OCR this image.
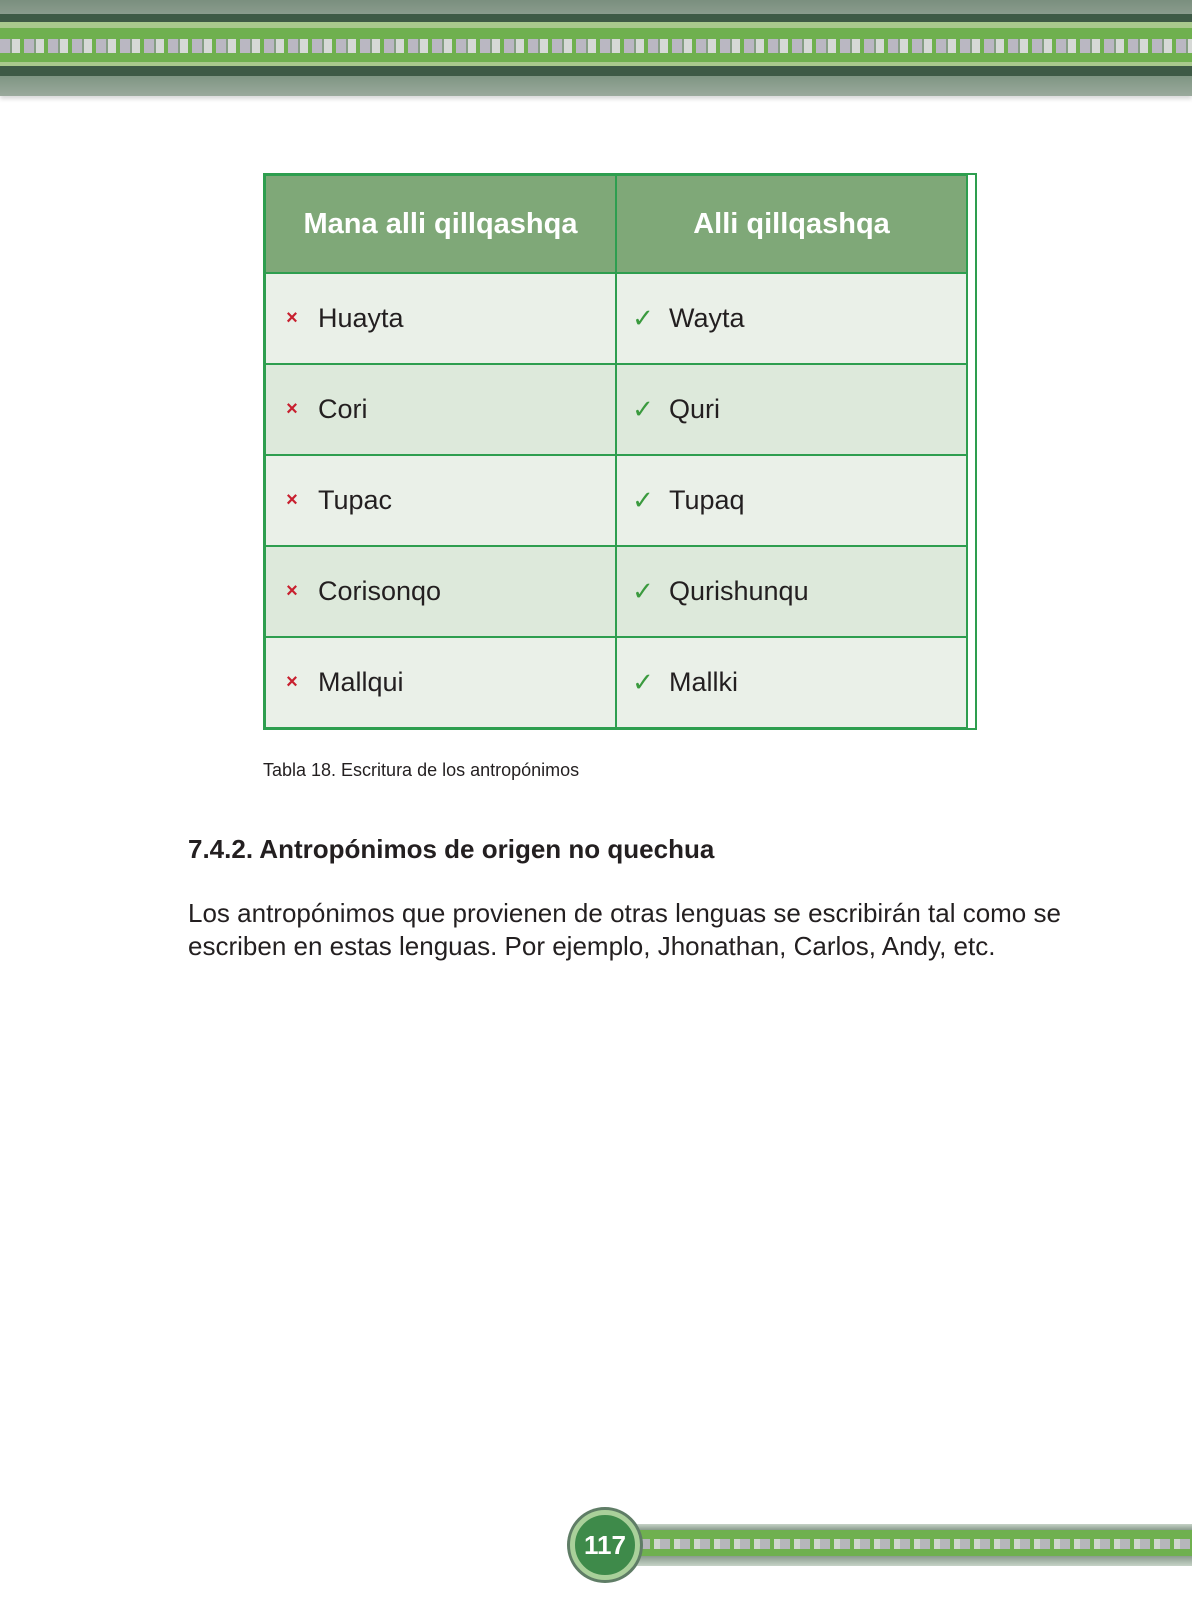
Mana alli qillqashqa	Alli qillqashqa
× Huayta	✓ Wayta
× Cori	✓ Quri
× Tupac	✓ Tupaq
× Corisonqo	✓ Qurishunqu
× Mallqui	✓ Mallki
Tabla 18. Escritura de los antropónimos
7.4.2. Antropónimos de origen no quechua
Los antropónimos que provienen de otras lenguas se escribirán tal como se escriben en estas lenguas. Por ejemplo, Jhonathan, Carlos, Andy, etc.
117
